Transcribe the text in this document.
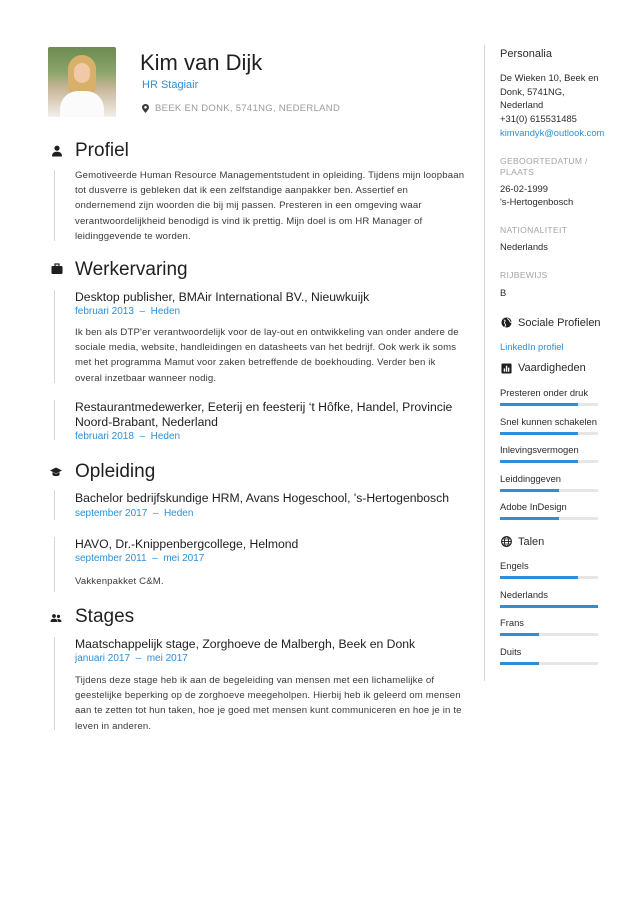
Kim van Dijk
HR Stagiair
BEEK EN DONK, 5741NG, NEDERLAND
Profiel
Gemotiveerde Human Resource Managementstudent in opleiding. Tijdens mijn loopbaan tot dusverre is gebleken dat ik een zelfstandige aanpakker ben. Assertief en ondernemend zijn woorden die bij mij passen. Presteren in een omgeving waar verantwoordelijkheid benodigd is vind ik prettig. Mijn doel is om HR Manager of leidinggevende te worden.
Werkervaring
Desktop publisher, BMAir International BV., Nieuwkuijk
februari 2013  –  Heden
Ik ben als DTP'er verantwoordelijk voor de lay-out en ontwikkeling van onder andere de sociale media, website, handleidingen en datasheets van het bedrijf. Ook werk ik soms met het programma Mamut voor zaken betreffende de boekhouding. Verder ben ik overal inzetbaar wanneer nodig.
Restaurantmedewerker, Eeterij en feesterij ‘t Hôfke, Handel, Provincie Noord-Brabant, Nederland
februari 2018  –  Heden
Opleiding
Bachelor bedrijfskundige HRM, Avans Hogeschool, 's-Hertogenbosch
september 2017  –  Heden
HAVO, Dr.-Knippenbergcollege, Helmond
september 2011  –  mei 2017
Vakkenpakket C&M.
Stages
Maatschappelijk stage, Zorghoeve de Malbergh, Beek en Donk
januari 2017  –  mei 2017
Tijdens deze stage heb ik aan de begeleiding van mensen met een lichamelijke of geestelijke beperking op de zorghoeve meegeholpen. Hierbij heb ik geleerd om mensen aan te zetten tot hun taken, hoe je goed met mensen kunt communiceren en hoe je in te leven in anderen.
Personalia
De Wieken 10, Beek en Donk, 5741NG, Nederland
+31(0) 615531485
kimvandyk@outlook.com
GEBOORTEDATUM / PLAATS
26-02-1999
's-Hertogenbosch
NATIONALITEIT
Nederlands
RIJBEWIJS
B
Sociale Profielen
LinkedIn profiel
Vaardigheden
Presteren onder druk
Snel kunnen schakelen
Inlevingsvermogen
Leiddinggeven
Adobe InDesign
Talen
Engels
Nederlands
Frans
Duits
